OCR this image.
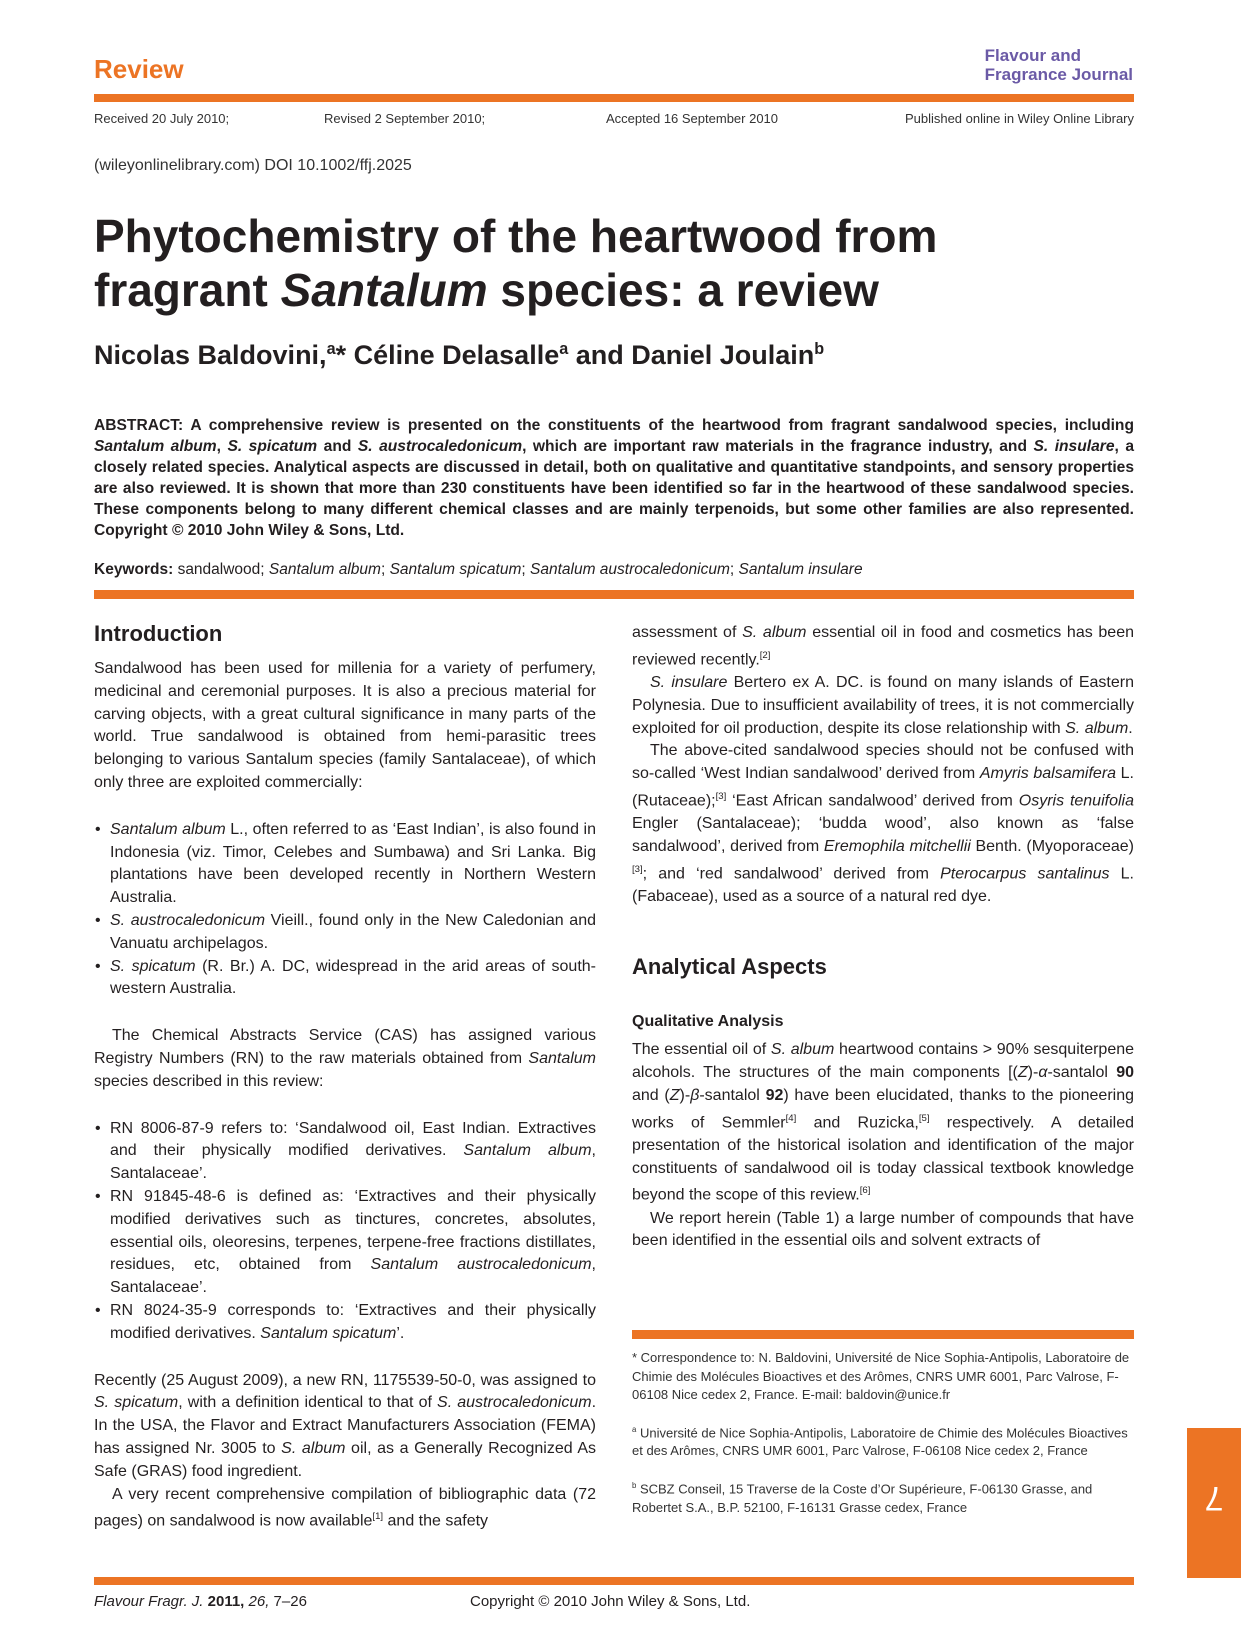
Review	Flavour and
Fragrance Journal
Received 20 July 2010;	Revised 2 September 2010;	Accepted 16 September 2010	Published online in Wiley Online Library
(wileyonlinelibrary.com) DOI 10.1002/ffj.2025
Phytochemistry of the heartwood from fragrant Santalum species: a review
Nicolas Baldovini,$^a$* Céline Delasalle$^a$ and Daniel Joulain$^b$
ABSTRACT: A comprehensive review is presented on the constituents of the heartwood from fragrant sandalwood species, including Santalum album, S. spicatum and S. austrocaledonicum, which are important raw materials in the fragrance industry, and S. insulare, a closely related species. Analytical aspects are discussed in detail, both on qualitative and quantitative standpoints, and sensory properties are also reviewed. It is shown that more than 230 constituents have been identified so far in the heartwood of these sandalwood species. These components belong to many different chemical classes and are mainly terpenoids, but some other families are also represented. Copyright © 2010 John Wiley & Sons, Ltd.
Keywords: sandalwood; Santalum album; Santalum spicatum; Santalum austrocaledonicum; Santalum insulare
Introduction

Sandalwood has been used for millenia for a variety of perfumery, medicinal and ceremonial purposes. It is also a precious material for carving objects, with a great cultural significance in many parts of the world. True sandalwood is obtained from hemi-parasitic trees belonging to various Santalum species (family Santalaceae), of which only three are exploited commercially:

• Santalum album L., often referred to as ‘East Indian’, is also found in Indonesia (viz. Timor, Celebes and Sumbawa) and Sri Lanka. Big plantations have been developed recently in Northern Western Australia.
• S. austrocaledonicum Vieill., found only in the New Caledonian and Vanuatu archipelagos.
• S. spicatum (R. Br.) A. DC, widespread in the arid areas of south-western Australia.

The Chemical Abstracts Service (CAS) has assigned various Registry Numbers (RN) to the raw materials obtained from Santalum species described in this review:

• RN 8006-87-9 refers to: ‘Sandalwood oil, East Indian. Extractives and their physically modified derivatives. Santalum album, Santalaceae’.
• RN 91845-48-6 is defined as: ‘Extractives and their physically modified derivatives such as tinctures, concretes, absolutes, essential oils, oleoresins, terpenes, terpene-free fractions distillates, residues, etc, obtained from Santalum austrocaledonicum, Santalaceae’.
• RN 8024-35-9 corresponds to: ‘Extractives and their physically modified derivatives. Santalum spicatum’.

Recently (25 August 2009), a new RN, 1175539-50-0, was assigned to S. spicatum, with a definition identical to that of S. austrocaledonicum. In the USA, the Flavor and Extract Manufacturers Association (FEMA) has assigned Nr. 3005 to S. album oil, as a Generally Recognized As Safe (GRAS) food ingredient.

A very recent comprehensive compilation of bibliographic data (72 pages) on sandalwood is now available[1] and the safety

assessment of S. album essential oil in food and cosmetics has been reviewed recently.[2]

S. insulare Bertero ex A. DC. is found on many islands of Eastern Polynesia. Due to insufficient availability of trees, it is not commercially exploited for oil production, despite its close relationship with S. album.

The above-cited sandalwood species should not be confused with so-called ‘West Indian sandalwood’ derived from Amyris balsamifera L. (Rutaceae);[3] ‘East African sandalwood’ derived from Osyris tenuifolia Engler (Santalaceae); ‘budda wood’, also known as ‘false sandalwood’, derived from Eremophila mitchellii Benth. (Myoporaceae)[3]; and ‘red sandalwood’ derived from Pterocarpus santalinus L. (Fabaceae), used as a source of a natural red dye.

Analytical Aspects
Qualitative Analysis

The essential oil of S. album heartwood contains > 90% sesquiterpene alcohols. The structures of the main components [(Z)-α-santalol 90 and (Z)-β-santalol 92) have been elucidated, thanks to the pioneering works of Semmler[4] and Ruzicka,[5] respectively. A detailed presentation of the historical isolation and identification of the major constituents of sandalwood oil is today classical textbook knowledge beyond the scope of this review.[6]

We report herein (Table 1) a large number of compounds that have been identified in the essential oils and solvent extracts of

* Correspondence to: N. Baldovini, Université de Nice Sophia-Antipolis, Laboratoire de Chimie des Molécules Bioactives et des Arômes, CNRS UMR 6001, Parc Valrose, F-06108 Nice cedex 2, France. E-mail: baldovin@unice.fr

$^a$ Université de Nice Sophia-Antipolis, Laboratoire de Chimie des Molécules Bioactives et des Arômes, CNRS UMR 6001, Parc Valrose, F-06108 Nice cedex 2, France

$^b$ SCBZ Conseil, 15 Traverse de la Coste d’Or Supérieure, F-06130 Grasse, and Robertet S.A., B.P. 52100, F-16131 Grasse cedex, France

Flavour Fragr. J. 2011, 26, 7–26	Copyright © 2010 John Wiley & Sons, Ltd.
7
